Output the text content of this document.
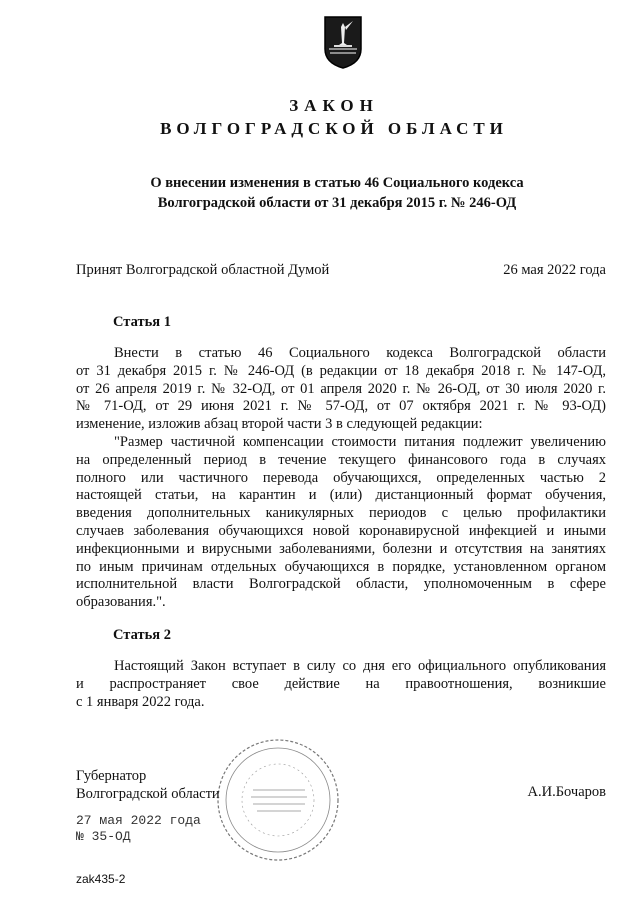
ЗАКОН
ВОЛГОГРАДСКОЙ ОБЛАСТИ
О внесении изменения в статью 46 Социального кодекса
Волгоградской области от 31 декабря 2015 г. № 246-ОД
Принят Волгоградской областной Думой	26 мая 2022 года
Статья 1
Внести в статью 46 Социального кодекса Волгоградской области
от 31 декабря 2015 г. № 246-ОД (в редакции от 18 декабря 2018 г. № 147-ОД,
от 26 апреля 2019 г. № 32-ОД, от 01 апреля 2020 г. № 26-ОД, от 30 июля 2020 г.
№ 71-ОД, от 29 июня 2021 г. № 57-ОД, от 07 октября 2021 г. № 93-ОД)
изменение, изложив абзац второй части 3 в следующей редакции:
"Размер частичной компенсации стоимости питания подлежит увеличению
на определенный период в течение текущего финансового года в случаях
полного или частичного перевода обучающихся, определенных частью 2
настоящей статьи, на карантин и (или) дистанционный формат обучения,
введения дополнительных каникулярных периодов с целью профилактики
случаев заболевания обучающихся новой коронавирусной инфекцией и иными
инфекционными и вирусными заболеваниями, болезни и отсутствия на занятиях
по иным причинам отдельных обучающихся в порядке, установленном органом
исполнительной власти Волгоградской области, уполномоченным в сфере
образования.".
Статья 2
Настоящий Закон вступает в силу со дня его официального опубликования
и распространяет свое действие на правоотношения, возникшие
с 1 января 2022 года.
Губернатор
Волгоградской области	А.И.Бочаров
27 мая 2022 года
№ 35-ОД
zak435-2
